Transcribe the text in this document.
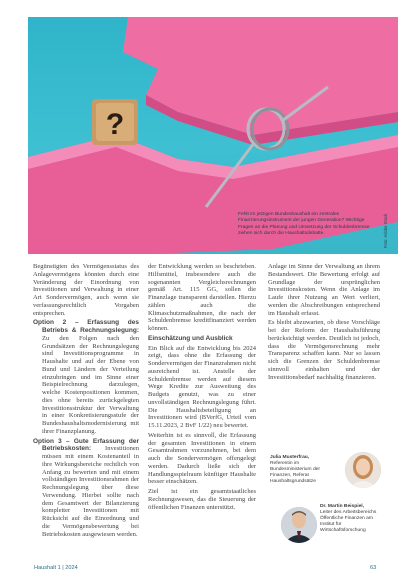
?
Fehlt im jetzigen Bundeshaushalt ein zentrales Finanzierungsinstrument der jungen Generation? Wichtige Fragen an die Planung und Umsetzung der Schuldenbremse ziehen sich durch die Haushaltsdebatte.	Foto: Adobe Stock

Begünstigten des Vermögensstatus des Anlagevermögens könnten durch eine Veränderung der Einordnung von Investitionen und Verwaltung in einer Art Sondervermögen, auch wenn sie verfassungsrechtlich Vorgaben entsprechen.

Option 2 – Erfassung des Betriebs & Rechnungslegung: Zu den Folgen nach den Grundsätzen der Rechnungslegung sind Investitionsprogramme in Haushalte und auf der Ebene von Bund und Ländern der Verteilung einzubringen und im Sinne einer Beispielrechnung darzulegen, welche Kostenpositionen kommen, dies ohne bereits zurückgelegten Investitionsstruktur der Verwaltung in einer Konkretisierungsstufe der Bundeshaushaltsmodernisierung mit ihrer Finanzplanung.

Option 3 – Gute Erfassung der Betriebskosten: Investitionen müssen mit einem Kostenanteil in ihre Wirkungsbereiche rechtlich von Anfang zu bewerten und mit einem vollständigen Investitionsrahmen der Rechnungslegung über diese Verwendung. Hierbei sollte nach dem Gesamtwert der Bilanzierung kompletter Investitionen mit Rücksicht auf die Einordnung und die Vermögensbewertung bei Betriebskosten ausgewiesen werden.

der Entwicklung werden so beschrieben. Hilfsmittel, insbesondere auch die sogenannten Vergleichsrechnungen gemäß Art. 115 GG, sollen die Finanzlage transparent darstellen. Hierzu zählen auch die Klimaschutzmaßnahmen, die nach der Schuldenbremse kreditfinanziert werden können.

Einschätzung und Ausblick

Ein Blick auf die Entwicklung bis 2024 zeigt, dass ohne die Erfassung der Sondervermögen der Finanzrahmen nicht ausreichend ist. Anstelle der Schuldenbremse werden auf diesem Wege Kredite zur Ausweitung des Budgets genutzt, was zu einer unvollständigen Rechnungslegung führt. Die Haushaltsbeteiligung an Investitionen wird (BVerfG, Urteil vom 15.11.2023, 2 BvF 1/22) neu bewertet.

Weiterhin ist es sinnvoll, die Erfassung der gesamten Investitionen in einem Gesamtrahmen vorzunehmen, bei dem auch die Sondervermögen offengelegt werden. Dadurch ließe sich der Handlungsspielraum künftiger Haushalte besser einschätzen.

Ziel ist ein gesamtstaatliches Rechnungswesen, das die Steuerung der öffentlichen Finanzen unterstützt.

Anlage im Sinne der Verwaltung an ihrem Bestandswert. Die Bewertung erfolgt auf Grundlage der ursprünglichen Investitionskosten. Wenn die Anlage im Laufe ihrer Nutzung an Wert verliert, werden die Abschreibungen entsprechend im Haushalt erfasst.

Es bleibt abzuwarten, ob diese Vorschläge bei der Reform der Haushaltsführung berücksichtigt werden. Deutlich ist jedoch, dass die Vermögensrechnung mehr Transparenz schaffen kann. Nur so lassen sich die Grenzen der Schuldenbremse sinnvoll einhalten und der Investitionsbedarf nachhaltig finanzieren.

Julia Musterfrau,
Referentin im Bundesministerium der
Finanzen, Referat
Haushaltsgrundsätze
Dr. Martin Beispiel,
Leiter des Arbeitsbereichs
Öffentliche Finanzen am
Institut für
Wirtschaftsforschung
Haushalt 1 | 2024	63
